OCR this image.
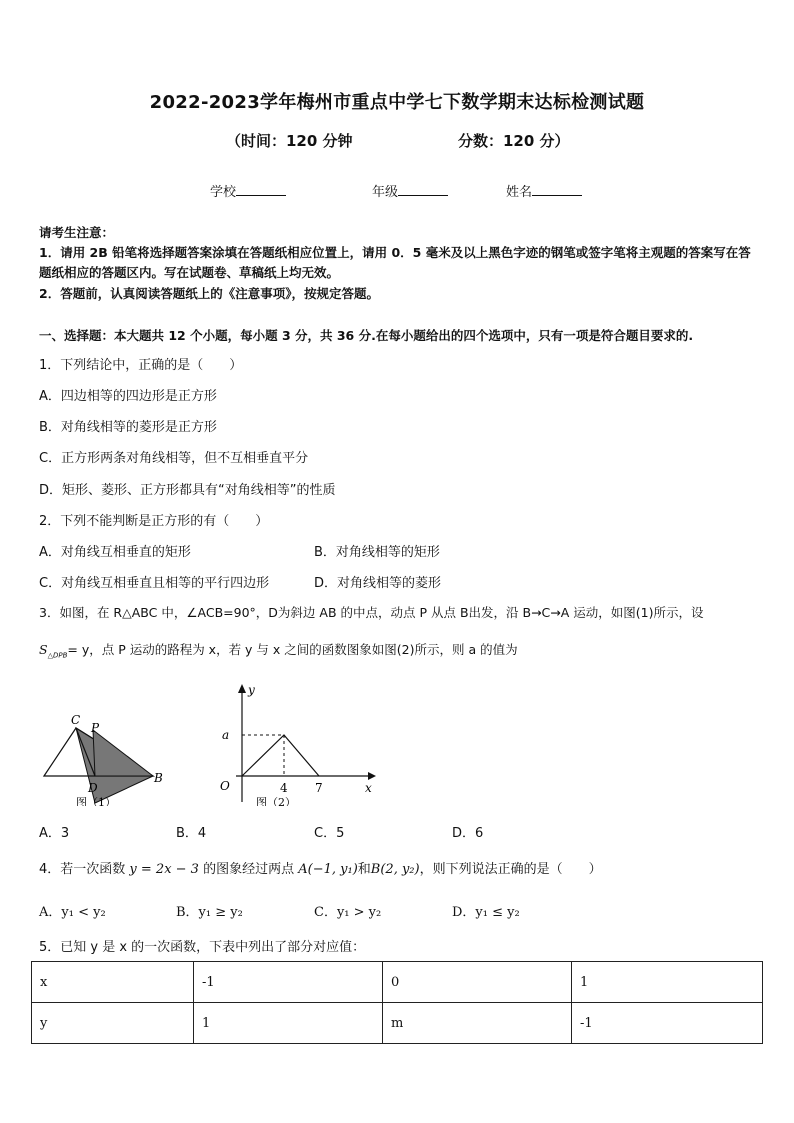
2022-2023学年梅州市重点中学七下数学期末达标检测试题
（时间：120 分钟	分数：120 分）
学校	年级	姓名
请考生注意：
1．请用 2B 铅笔将选择题答案涂填在答题纸相应位置上，请用 0．5 毫米及以上黑色字迹的钢笔或签字笔将主观题的答案写在答题纸相应的答题区内。写在试题卷、草稿纸上均无效。
2．答题前，认真阅读答题纸上的《注意事项》，按规定答题。
一、选择题：本大题共 12 个小题，每小题 3 分，共 36 分.在每小题给出的四个选项中，只有一项是符合题目要求的.
1．下列结论中，正确的是（　　）
A．四边相等的四边形是正方形
B．对角线相等的菱形是正方形
C．正方形两条对角线相等，但不互相垂直平分
D．矩形、菱形、正方形都具有“对角线相等”的性质
2．下列不能判断是正方形的有（　　）
A．对角线互相垂直的矩形	B．对角线相等的矩形
C．对角线互相垂直且相等的平行四边形	D．对角线相等的菱形
3．如图，在 R△ABC 中，∠ACB=90°，D为斜边 AB 的中点，动点 P 从点 B出发，沿 B→C→A 运动，如图(1)所示，设
$S_{\triangle DPB}= y$，点 P 运动的路程为 x，若 y 与 x 之间的函数图象如图(2)所示，则 a 的值为
C
P
B
D
图（1）
y
a
O	4 7	x
图（2）
A．3	B．4	C．5	D．6
4．若一次函数 y = 2x − 3 的图象经过两点 A(−1, y₁)和B(2, y₂)，则下列说法正确的是（　　）
A．y₁ < y₂	B．y₁ ≥ y₂	C．y₁ > y₂	D．y₁ ≤ y₂
5．已知 y 是 x 的一次函数，下表中列出了部分对应值：
x	-1	0	1
y	1	m	-1
